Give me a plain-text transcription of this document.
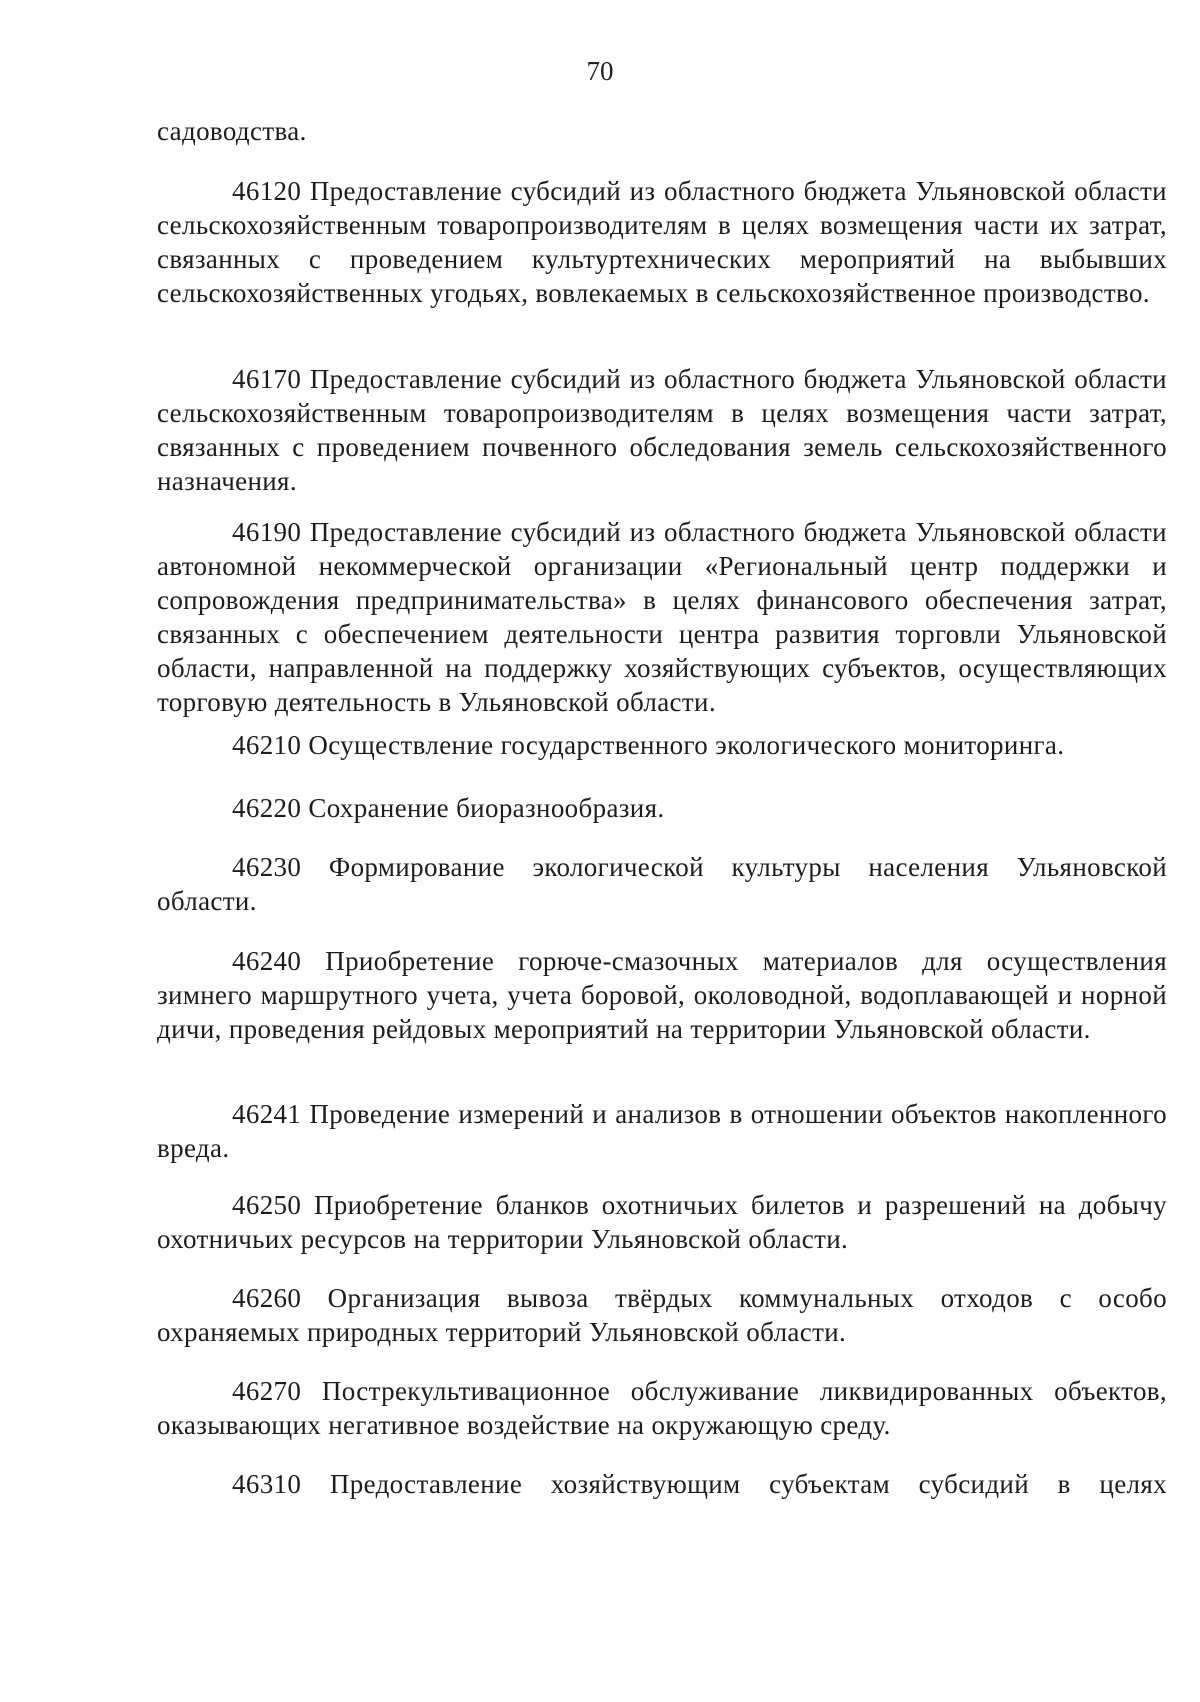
70

садоводства.

46120 Предоставление субсидий из областного бюджета Ульяновской области сельскохозяйственным товаропроизводителям в целях возмещения части их затрат, связанных с проведением культуртехнических мероприятий на выбывших сельскохозяйственных угодьях, вовлекаемых в сельскохозяйственное производство.

46170 Предоставление субсидий из областного бюджета Ульяновской области сельскохозяйственным товаропроизводителям в целях возмещения части затрат, связанных с проведением почвенного обследования земель сельскохозяйственного назначения.

46190 Предоставление субсидий из областного бюджета Ульяновской области автономной некоммерческой организации «Региональный центр поддержки и сопровождения предпринимательства» в целях финансового обеспечения затрат, связанных с обеспечением деятельности центра развития торговли Ульяновской области, направленной на поддержку хозяйствующих субъектов, осуществляющих торговую деятельность в Ульяновской области.

46210 Осуществление государственного экологического мониторинга.

46220 Сохранение биоразнообразия.

46230 Формирование экологической культуры населения Ульяновской области.

46240 Приобретение горюче-смазочных материалов для осуществления зимнего маршрутного учета, учета боровой, околоводной, водоплавающей и норной дичи, проведения рейдовых мероприятий на территории Ульяновской области.

46241 Проведение измерений и анализов в отношении объектов накопленного вреда.

46250 Приобретение бланков охотничьих билетов и разрешений на добычу охотничьих ресурсов на территории Ульяновской области.

46260 Организация вывоза твёрдых коммунальных отходов с особо охраняемых природных территорий Ульяновской области.

46270 Пострекультивационное обслуживание ликвидированных объектов, оказывающих негативное воздействие на окружающую среду.

46310 Предоставление хозяйствующим субъектам субсидий в целях
